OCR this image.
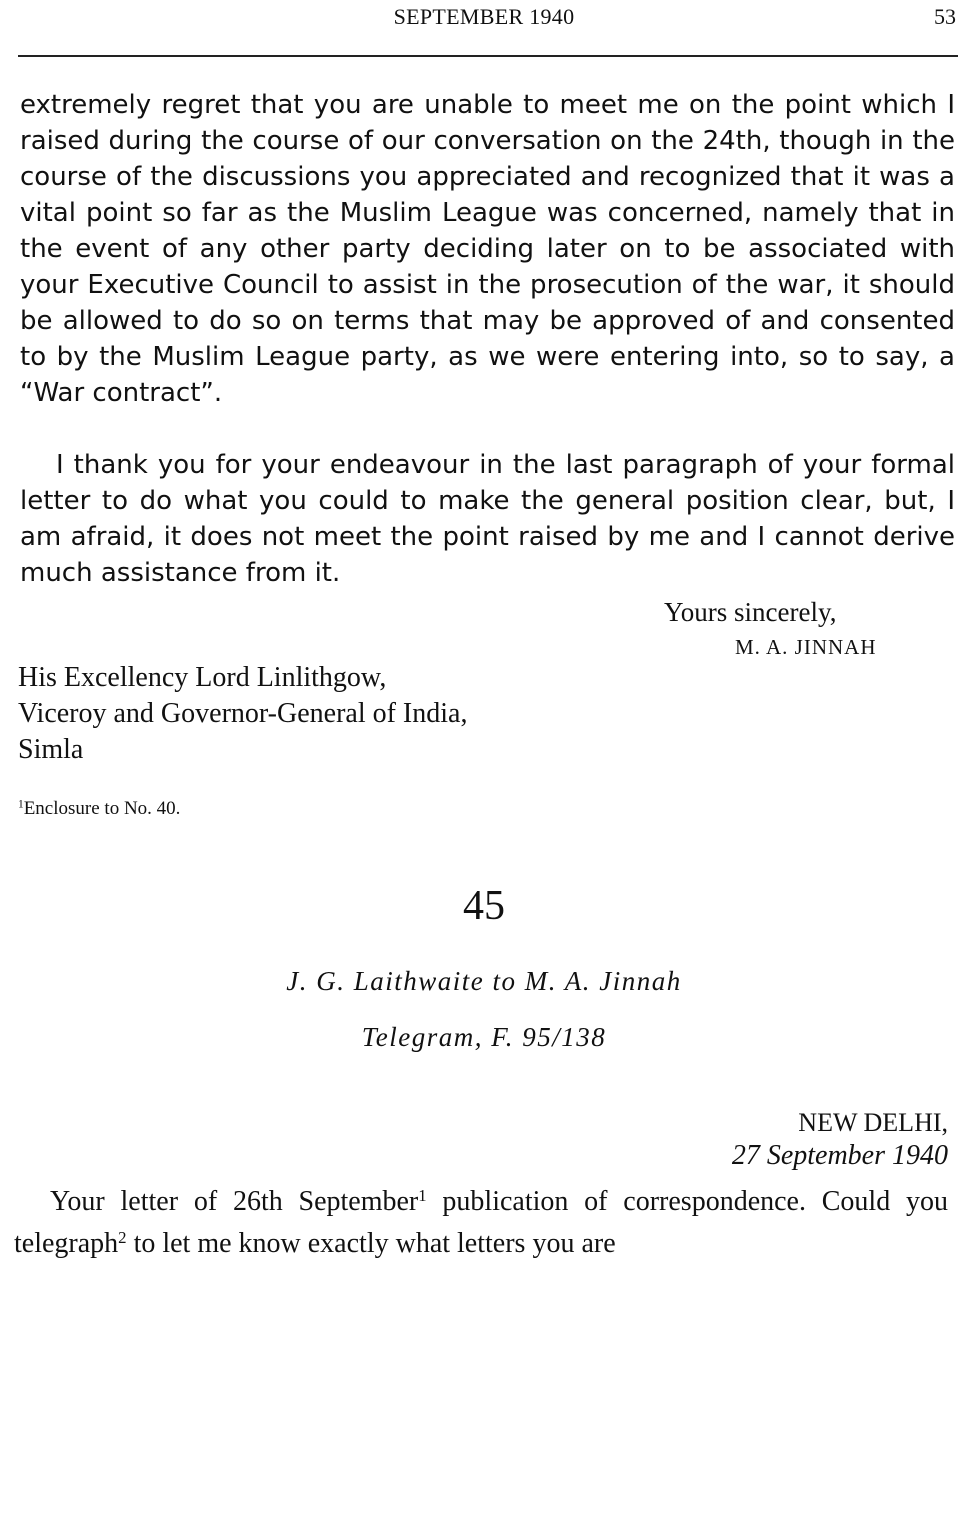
SEPTEMBER 1940	53

extremely regret that you are unable to meet me on the point which I raised during the course of our conversation on the 24th, though in the course of the discussions you appreciated and recognized that it was a vital point so far as the Muslim League was concerned, namely that in the event of any other party deciding later on to be associated with your Executive Council to assist in the prosecution of the war, it should be allowed to do so on terms that may be approved of and consented to by the Muslim League party, as we were entering into, so to say, a “War contract”.

I thank you for your endeavour in the last paragraph of your formal letter to do what you could to make the general position clear, but, I am afraid, it does not meet the point raised by me and I cannot derive much assistance from it.

Yours sincerely,
M. A. JINNAH
His Excellency Lord Linlithgow,
Viceroy and Governor-General of India,
Simla
$^1$Enclosure to No. 40.
45
J. G. Laithwaite to M. A. Jinnah
Telegram, F. 95/138
NEW DELHI,
27 September 1940

Your letter of 26th September$^1$ publication of correspondence. Could you telegraph$^2$ to let me know exactly what letters you are
